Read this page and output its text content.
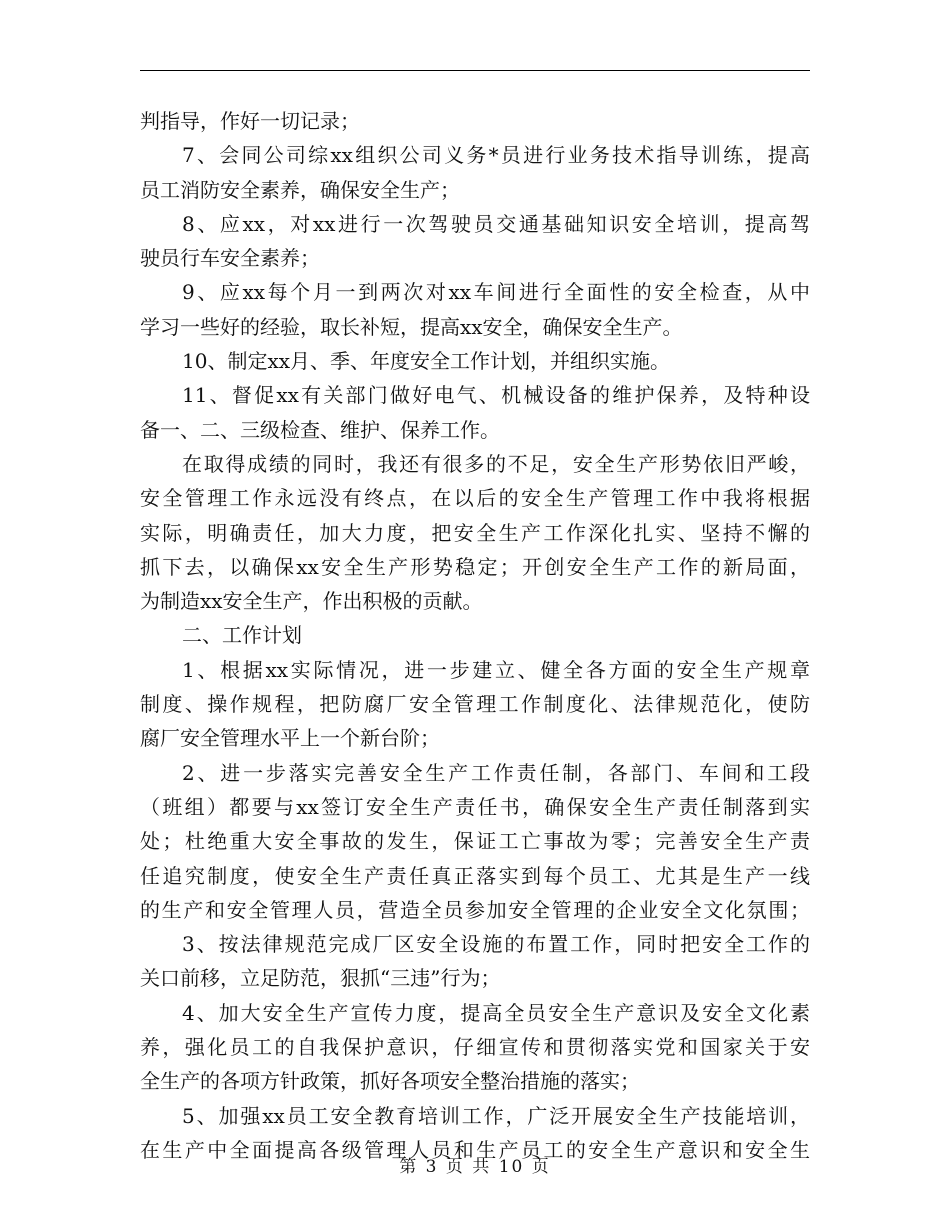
判指导，作好一切记录；
7、会同公司综xx组织公司义务*员进行业务技术指导训练，提高
员工消防安全素养，确保安全生产；
8、应xx，对xx进行一次驾驶员交通基础知识安全培训，提高驾
驶员行车安全素养；
9、应xx每个月一到两次对xx车间进行全面性的安全检查，从中
学习一些好的经验，取长补短，提高xx安全，确保安全生产。
10、制定xx月、季、年度安全工作计划，并组织实施。
11、督促xx有关部门做好电气、机械设备的维护保养，及特种设
备一、二、三级检查、维护、保养工作。
在取得成绩的同时，我还有很多的不足，安全生产形势依旧严峻，
安全管理工作永远没有终点，在以后的安全生产管理工作中我将根据
实际，明确责任，加大力度，把安全生产工作深化扎实、坚持不懈的
抓下去，以确保xx安全生产形势稳定；开创安全生产工作的新局面，
为制造xx安全生产，作出积极的贡献。
二、工作计划
1、根据xx实际情况，进一步建立、健全各方面的安全生产规章
制度、操作规程，把防腐厂安全管理工作制度化、法律规范化，使防
腐厂安全管理水平上一个新台阶；
2、进一步落实完善安全生产工作责任制，各部门、车间和工段
（班组）都要与xx签订安全生产责任书，确保安全生产责任制落到实
处；杜绝重大安全事故的发生，保证工亡事故为零；完善安全生产责
任追究制度，使安全生产责任真正落实到每个员工、尤其是生产一线
的生产和安全管理人员，营造全员参加安全管理的企业安全文化氛围；
3、按法律规范完成厂区安全设施的布置工作，同时把安全工作的
关口前移，立足防范，狠抓“三违”行为；
4、加大安全生产宣传力度，提高全员安全生产意识及安全文化素
养，强化员工的自我保护意识，仔细宣传和贯彻落实党和国家关于安
全生产的各项方针政策，抓好各项安全整治措施的落实；
5、加强xx员工安全教育培训工作，广泛开展安全生产技能培训，
在生产中全面提高各级管理人员和生产员工的安全生产意识和安全生
第 3 页 共 10 页
